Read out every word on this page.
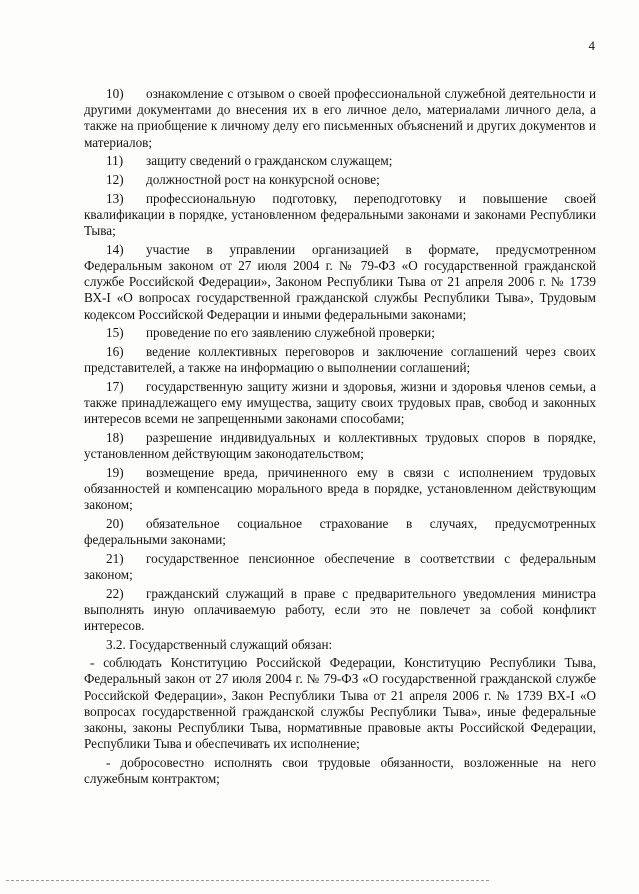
4

10) ознакомление с отзывом о своей профессиональной служебной деятельности и другими документами до внесения их в его личное дело, материалами личного дела, а также на приобщение к личному делу его письменных объяснений и других документов и материалов;

11) защиту сведений о гражданском служащем;

12) должностной рост на конкурсной основе;

13) профессиональную подготовку, переподготовку и повышение своей квалификации в порядке, установленном федеральными законами и законами Республики Тыва;

14) участие в управлении организацией в формате, предусмотренном Федеральным законом от 27 июля 2004 г. № 79-ФЗ «О государственной гражданской службе Российской Федерации», Законом Республики Тыва от 21 апреля 2006 г. № 1739 ВХ-I «О вопросах государственной гражданской службы Республики Тыва», Трудовым кодексом Российской Федерации и иными федеральными законами;

15) проведение по его заявлению служебной проверки;

16) ведение коллективных переговоров и заключение соглашений через своих представителей, а также на информацию о выполнении соглашений;

17) государственную защиту жизни и здоровья, жизни и здоровья членов семьи, а также принадлежащего ему имущества, защиту своих трудовых прав, свобод и законных интересов всеми не запрещенными законами способами;

18) разрешение индивидуальных и коллективных трудовых споров в порядке, установленном действующим законодательством;

19) возмещение вреда, причиненного ему в связи с исполнением трудовых обязанностей и компенсацию морального вреда в порядке, установленном действующим законом;

20) обязательное социальное страхование в случаях, предусмотренных федеральными законами;

21) государственное пенсионное обеспечение в соответствии с федеральным законом;

22) гражданский служащий в праве с предварительного уведомления министра выполнять иную оплачиваемую работу, если это не повлечет за собой конфликт интересов.

3.2. Государственный служащий обязан:

- соблюдать Конституцию Российской Федерации, Конституцию Республики Тыва, Федеральный закон от 27 июля 2004 г. № 79-ФЗ «О государственной гражданской службе Российской Федерации», Закон Республики Тыва от 21 апреля 2006 г. № 1739 ВХ-I «О вопросах государственной гражданской службы Республики Тыва», иные федеральные законы, законы Республики Тыва, нормативные правовые акты Российской Федерации, Республики Тыва и обеспечивать их исполнение;

- добросовестно исполнять свои трудовые обязанности, возложенные на него служебным контрактом;
